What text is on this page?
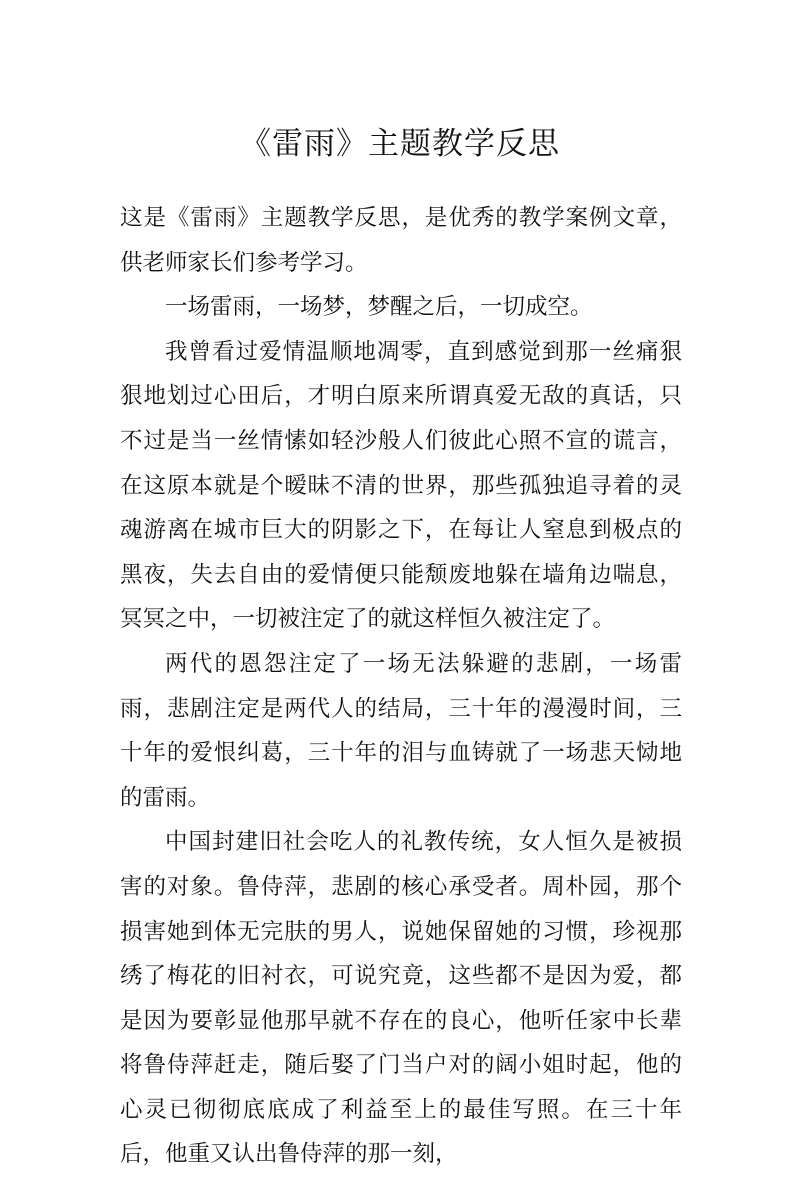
《雷雨》主题教学反思

这是《雷雨》主题教学反思，是优秀的教学案例文章，供老师家长们参考学习。

一场雷雨，一场梦，梦醒之后，一切成空。

我曾看过爱情温顺地凋零，直到感觉到那一丝痛狠狠地划过心田后，才明白原来所谓真爱无敌的真话，只不过是当一丝情愫如轻沙般人们彼此心照不宣的谎言，在这原本就是个暧昧不清的世界，那些孤独追寻着的灵魂游离在城市巨大的阴影之下，在每让人窒息到极点的黑夜，失去自由的爱情便只能颓废地躲在墙角边喘息，冥冥之中，一切被注定了的就这样恒久被注定了。

两代的恩怨注定了一场无法躲避的悲剧，一场雷雨，悲剧注定是两代人的结局，三十年的漫漫时间，三十年的爱恨纠葛，三十年的泪与血铸就了一场悲天恸地的雷雨。

中国封建旧社会吃人的礼教传统，女人恒久是被损害的对象。鲁侍萍，悲剧的核心承受者。周朴园，那个损害她到体无完肤的男人，说她保留她的习惯，珍视那绣了梅花的旧衬衣，可说究竟，这些都不是因为爱，都是因为要彰显他那早就不存在的良心，他听任家中长辈将鲁侍萍赶走，随后娶了门当户对的阔小姐时起，他的心灵已彻彻底底成了利益至上的最佳写照。在三十年后，他重又认出鲁侍萍的那一刻，
